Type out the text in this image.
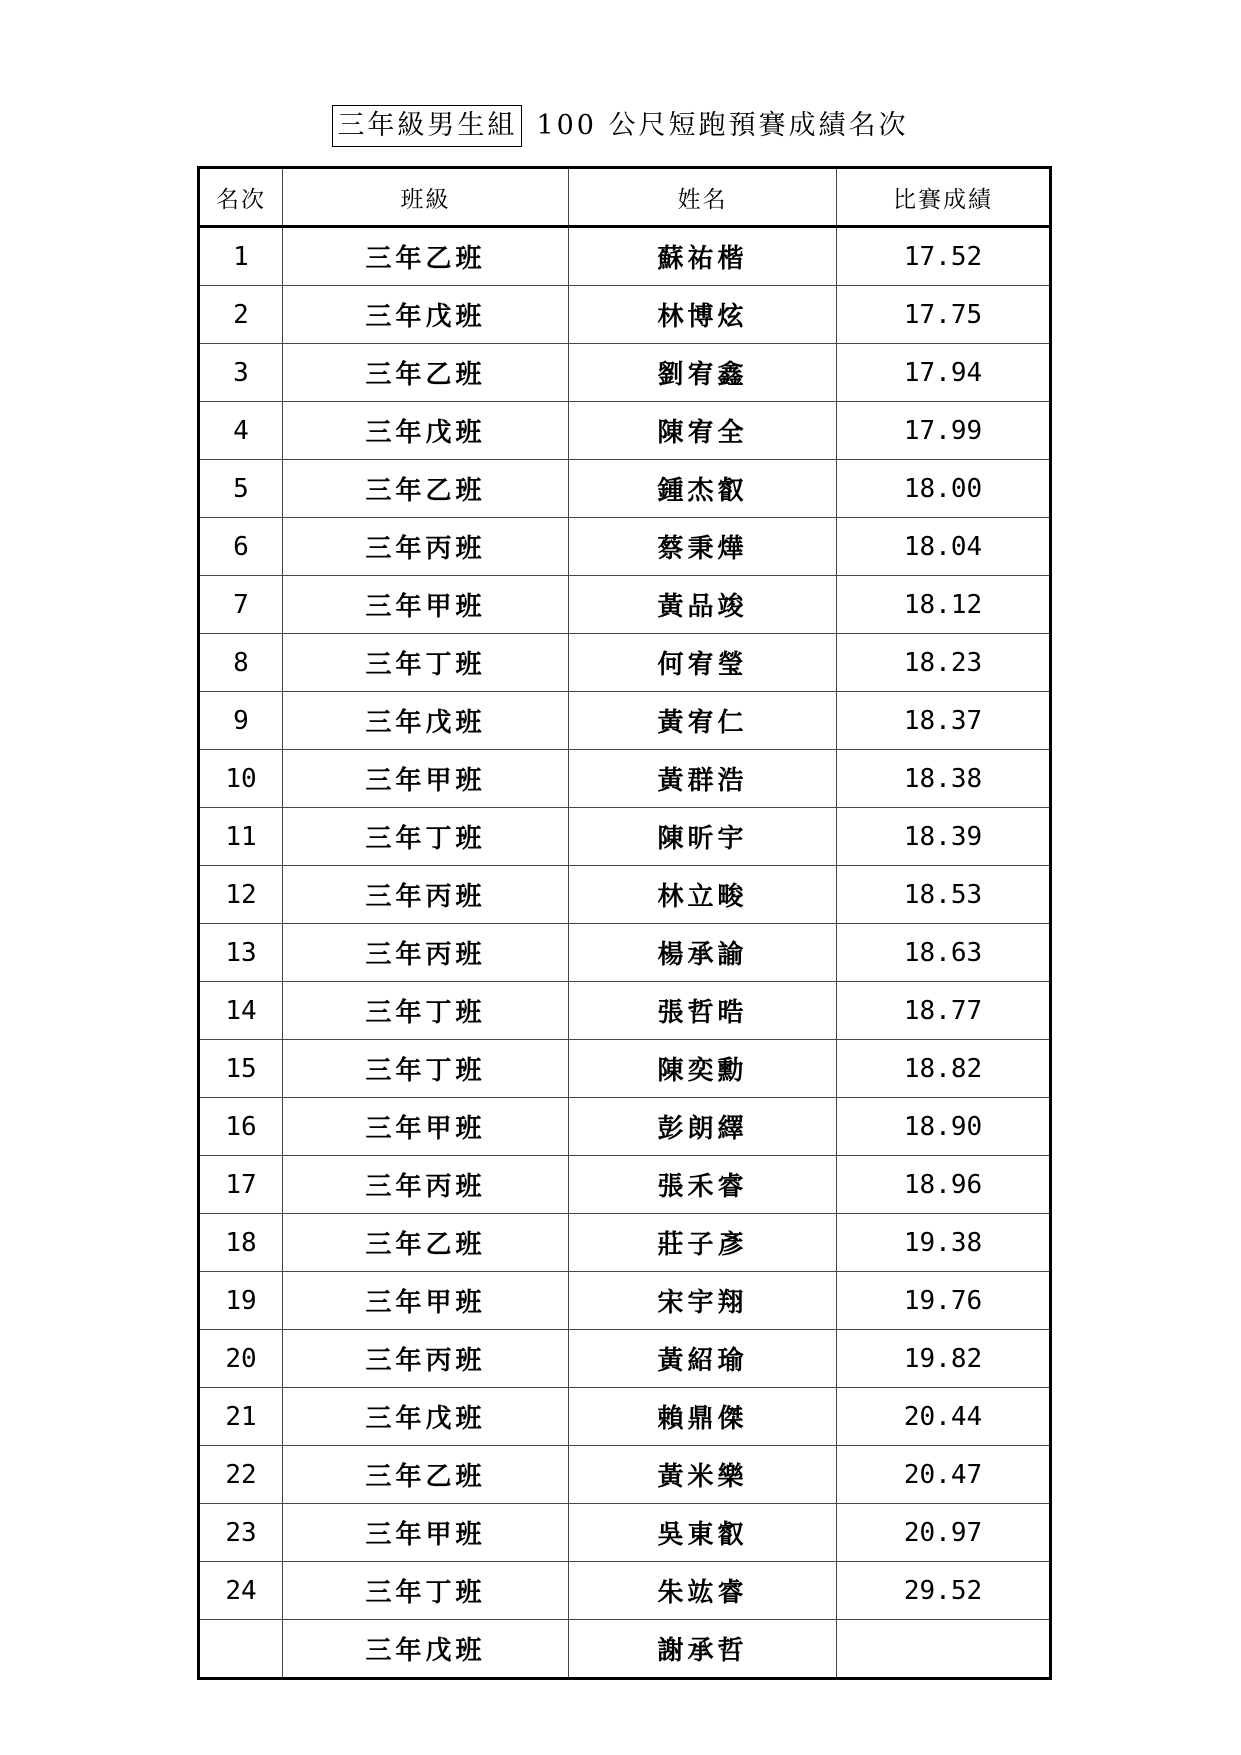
三年級男生組 100 公尺短跑預賽成績名次
名次	班級	姓名	比賽成績
1	三年乙班	蘇祐楷	17.52
2	三年戊班	林博炫	17.75
3	三年乙班	劉宥鑫	17.94
4	三年戊班	陳宥全	17.99
5	三年乙班	鍾杰叡	18.00
6	三年丙班	蔡秉燁	18.04
7	三年甲班	黃品竣	18.12
8	三年丁班	何宥瑩	18.23
9	三年戊班	黃宥仁	18.37
10	三年甲班	黃群浩	18.38
11	三年丁班	陳昕宇	18.39
12	三年丙班	林立畯	18.53
13	三年丙班	楊承諭	18.63
14	三年丁班	張哲晧	18.77
15	三年丁班	陳奕勳	18.82
16	三年甲班	彭朗繹	18.90
17	三年丙班	張禾睿	18.96
18	三年乙班	莊子彥	19.38
19	三年甲班	宋宇翔	19.76
20	三年丙班	黃紹瑜	19.82
21	三年戊班	賴鼎傑	20.44
22	三年乙班	黃米樂	20.47
23	三年甲班	吳東叡	20.97
24	三年丁班	朱竑睿	29.52
	三年戊班	謝承哲	
